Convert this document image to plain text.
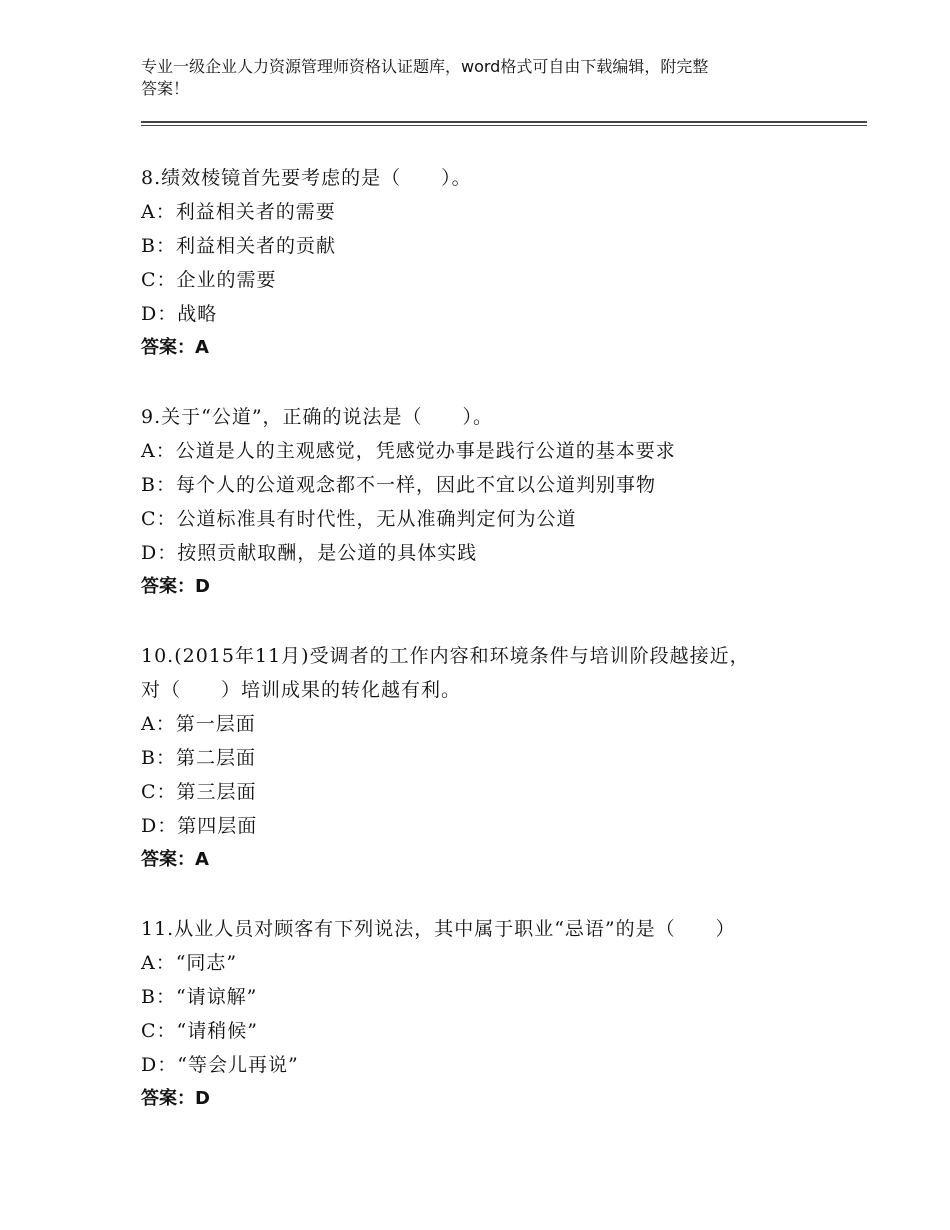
专业一级企业人力资源管理师资格认证题库，word格式可自由下载编辑，附完整
答案！
8.绩效棱镜首先要考虑的是（　　）。
A：利益相关者的需要
B：利益相关者的贡献
C：企业的需要
D：战略
答案：A
9.关于“公道”，正确的说法是（　　）。
A：公道是人的主观感觉，凭感觉办事是践行公道的基本要求
B：每个人的公道观念都不一样，因此不宜以公道判别事物
C：公道标准具有时代性，无从准确判定何为公道
D：按照贡献取酬，是公道的具体实践
答案：D
10.(2015年11月)受调者的工作内容和环境条件与培训阶段越接近，
对（　　）培训成果的转化越有利。
A：第一层面
B：第二层面
C：第三层面
D：第四层面
答案：A
11.从业人员对顾客有下列说法，其中属于职业“忌语”的是（　　）
A：“同志”
B：“请谅解”
C：“请稍候”
D：“等会儿再说”
答案：D
